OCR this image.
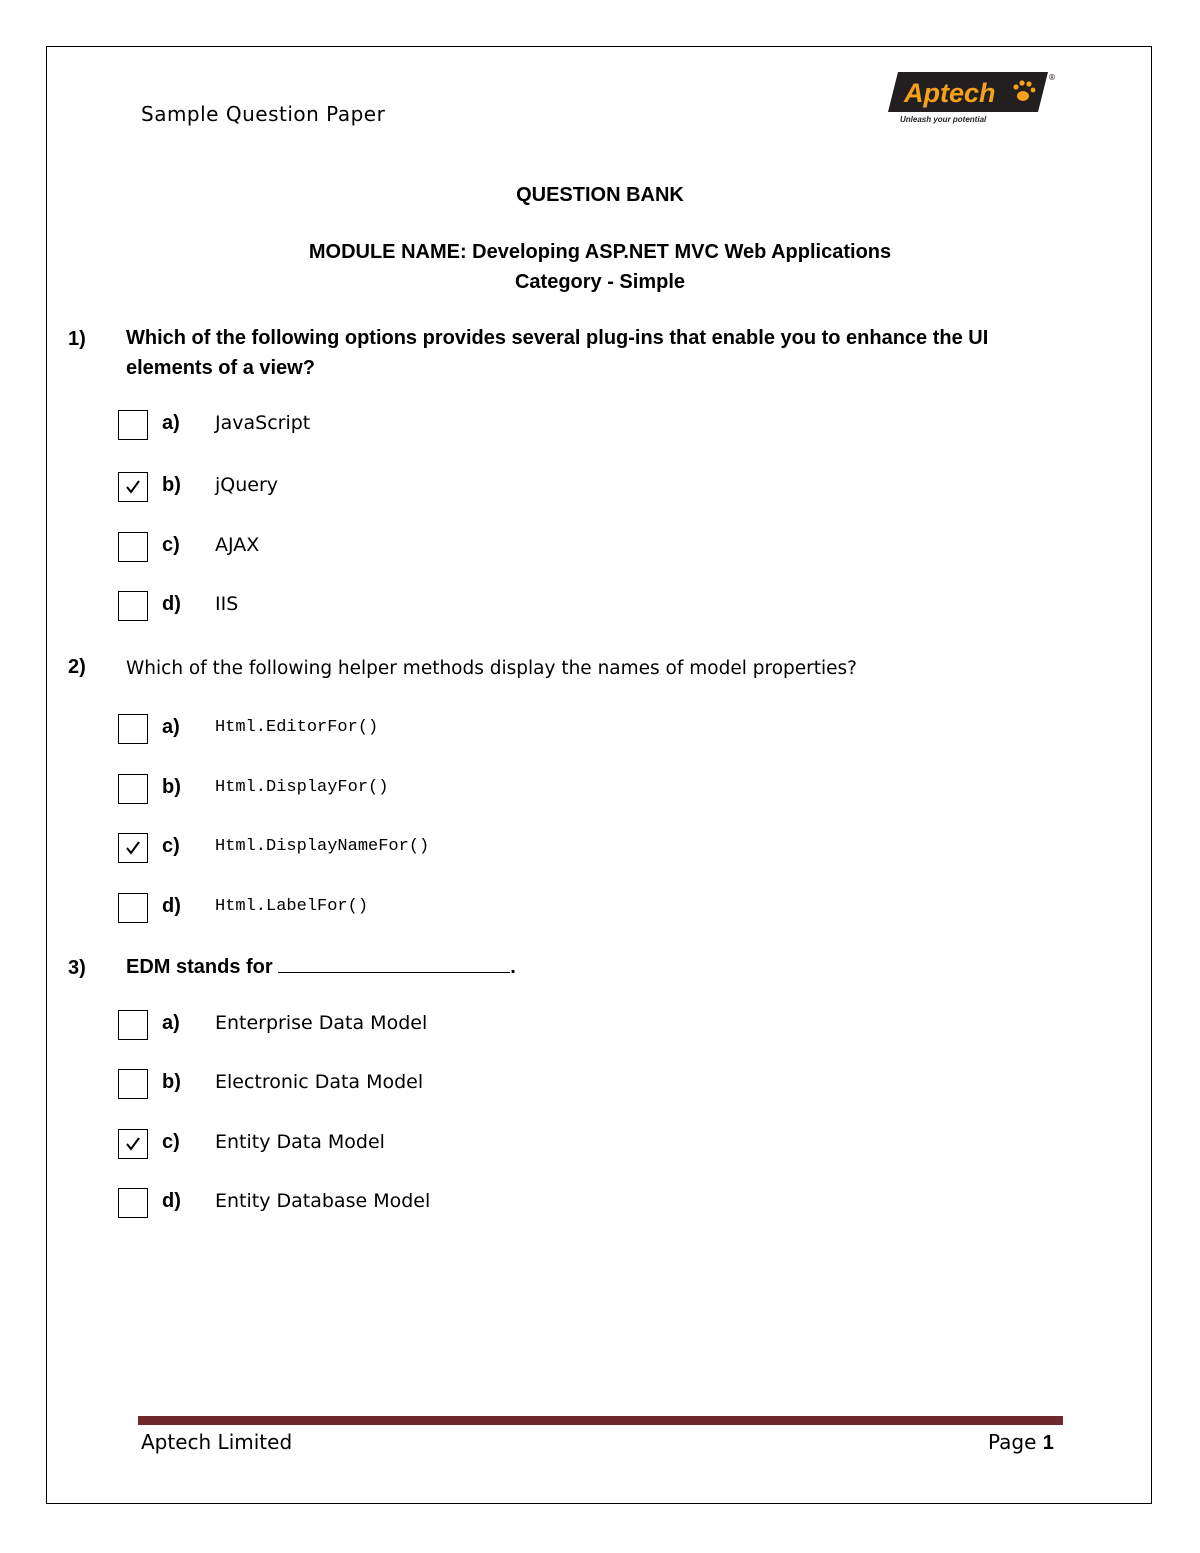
Sample Question Paper
Aptech
®
Unleash your potential
QUESTION BANK
MODULE NAME: Developing ASP.NET MVC Web Applications
Category - Simple
1) Which of the following options provides several plug-ins that enable you to enhance the UI elements of a view?
a) JavaScript
b) jQuery
c) AJAX
d) IIS
2) Which of the following helper methods display the names of model properties?
a) Html.EditorFor()
b) Html.DisplayFor()
c) Html.DisplayNameFor()
d) Html.LabelFor()
3) EDM stands for	.
a) Enterprise Data Model
b) Electronic Data Model
c) Entity Data Model
d) Entity Database Model
Aptech Limited	Page 1
